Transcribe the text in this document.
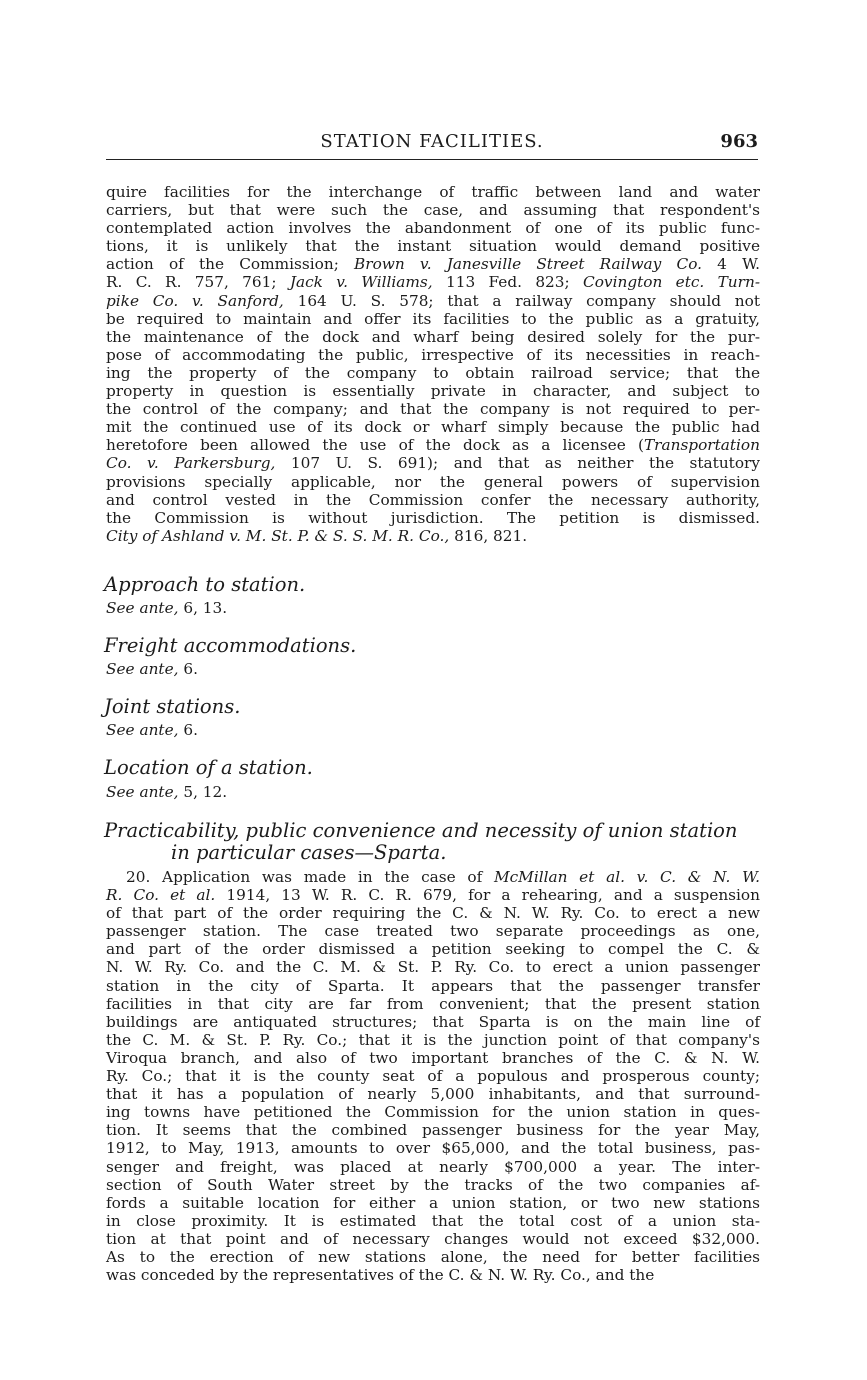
STATION FACILITIES.	963
quire facilities for the interchange of traffic between land and water
carriers, but that were such the case, and assuming that respondent's
contemplated action involves the abandonment of one of its public func-
tions, it is unlikely that the instant situation would demand positive
action of the Commission; Brown v. Janesville Street Railway Co. 4 W.
R. C. R. 757, 761; Jack v. Williams, 113 Fed. 823; Covington etc. Turn-
pike Co. v. Sanford, 164 U. S. 578; that a railway company should not
be required to maintain and offer its facilities to the public as a gratuity,
the maintenance of the dock and wharf being desired solely for the pur-
pose of accommodating the public, irrespective of its necessities in reach-
ing the property of the company to obtain railroad service; that the
property in question is essentially private in character, and subject to
the control of the company; and that the company is not required to per-
mit the continued use of its dock or wharf simply because the public had
heretofore been allowed the use of the dock as a licensee (Transportation
Co. v. Parkersburg, 107 U. S. 691); and that as neither the statutory
provisions specially applicable, nor the general powers of supervision
and control vested in the Commission confer the necessary authority,
the Commission is without jurisdiction. The petition is dismissed.
City of Ashland v. M. St. P. & S. S. M. R. Co., 816, 821.
Approach to station.
See ante, 6, 13.
Freight accommodations.
See ante, 6.
Joint stations.
See ante, 6.
Location of a station.
See ante, 5, 12.
Practicability, public convenience and necessity of union station
in particular cases—Sparta.
20. Application was made in the case of McMillan et al. v. C. & N. W.
R. Co. et al. 1914, 13 W. R. C. R. 679, for a rehearing, and a suspension
of that part of the order requiring the C. & N. W. Ry. Co. to erect a new
passenger station. The case treated two separate proceedings as one,
and part of the order dismissed a petition seeking to compel the C. &
N. W. Ry. Co. and the C. M. & St. P. Ry. Co. to erect a union passenger
station in the city of Sparta. It appears that the passenger transfer
facilities in that city are far from convenient; that the present station
buildings are antiquated structures; that Sparta is on the main line of
the C. M. & St. P. Ry. Co.; that it is the junction point of that company's
Viroqua branch, and also of two important branches of the C. & N. W.
Ry. Co.; that it is the county seat of a populous and prosperous county;
that it has a population of nearly 5,000 inhabitants, and that surround-
ing towns have petitioned the Commission for the union station in ques-
tion. It seems that the combined passenger business for the year May,
1912, to May, 1913, amounts to over $65,000, and the total business, pas-
senger and freight, was placed at nearly $700,000 a year. The inter-
section of South Water street by the tracks of the two companies af-
fords a suitable location for either a union station, or two new stations
in close proximity. It is estimated that the total cost of a union sta-
tion at that point and of necessary changes would not exceed $32,000.
As to the erection of new stations alone, the need for better facilities
was conceded by the representatives of the C. & N. W. Ry. Co., and the
